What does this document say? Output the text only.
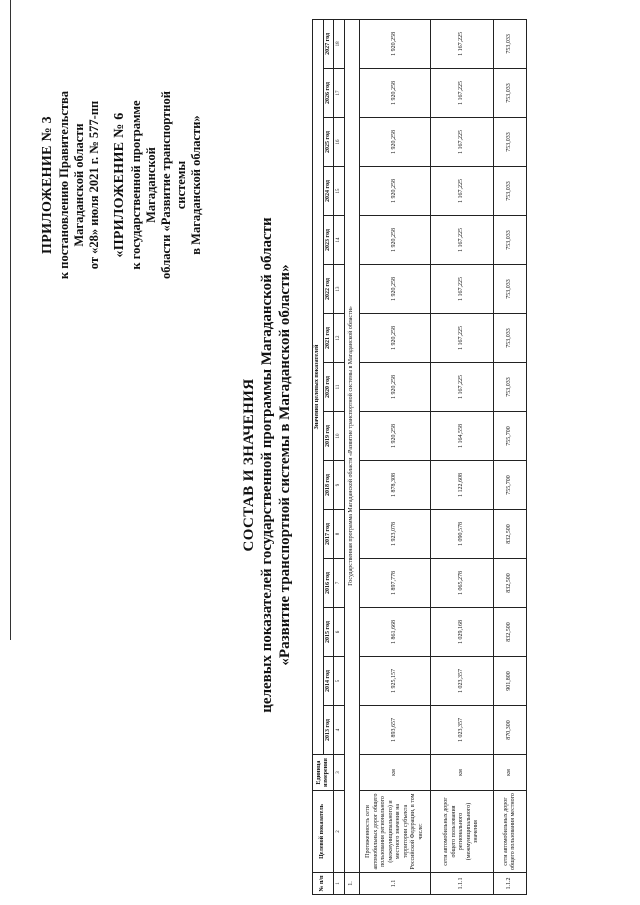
ПРИЛОЖЕНИЕ № 3 к постановлению Правительства Магаданской области от «28» июля 2021 г. № 577-пп «ПРИЛОЖЕНИЕ № 6 к государственной программе Магаданской области «Развитие транспортной системы в Магаданской области»
СОСТАВ И ЗНАЧЕНИЯ целевых показателей государственной программы Магаданской области «Развитие транспортной системы в Магаданской области»
№ п/п	Целевой показатель	Единица измерения	Значения целевых показателей														
			2013 год	2014 год	2015 год	2016 год	2017 год	2018 год	2019 год	2020 год	2021 год	2022 год	2023 год	2024 год	2025 год	2026 год	2027 год
1	2	3	4	5	6	7	8	9	10	11	12	13	14	15	16	17	18
1.	Государственная программа Магаданской области «Развитие транспортной системы в Магаданской области»																
1.1	Протяженность сети автомобильных дорог общего пользования регионального (межмуниципального) и местного значения на территории субъекта Российской Федерации, в том числе:	км	1 893,657	1 925,157	1 861,668	1 897,778	1 923,078	1 878,308	1 920,258	1 920,258	1 920,258	1 920,258	1 920,258	1 920,258	1 920,258	1 920,258	1 920,258
1.1.1	сети автомобильных дорог общего пользования регионального (межмуниципального) значения	км	1 023,357	1 023,357	1 029,168	1 065,278	1 090,578	1 122,608	1 164,558	1 167,225	1 167,225	1 167,225	1 167,225	1 167,225	1 167,225	1 167,225	1 167,225
1.1.2	сети автомобильных дорог общего пользования местного	км	870,300	901,800	832,500	832,500	832,500	755,700	755,700	753,033	753,033	753,033	753,033	753,033	753,033	753,033	753,033
